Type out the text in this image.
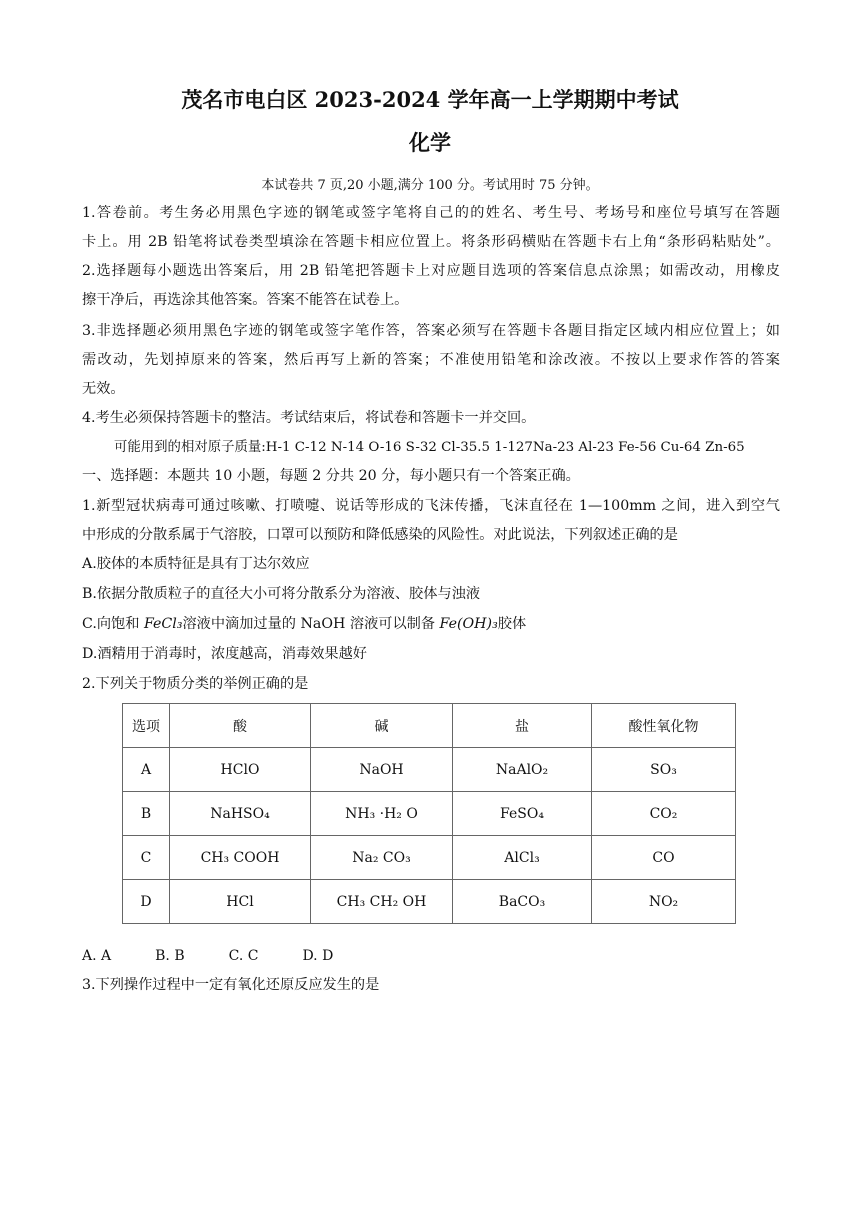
茂名市电白区 2023-2024 学年高一上学期期中考试
化学
本试卷共 7 页,20 小题,满分 100 分。考试用时 75 分钟。
1.答卷前。考生务必用黑色字迹的钢笔或签字笔将自己的的姓名、考生号、考场号和座位号填写在答题
卡上。用 2B 铅笔将试卷类型填涂在答题卡相应位置上。将条形码横贴在答题卡右上角“条形码粘贴处”。
2.选择题每小题选出答案后，用 2B 铅笔把答题卡上对应题目选项的答案信息点涂黑；如需改动，用橡皮
擦干净后，再选涂其他答案。答案不能答在试卷上。
3.非选择题必须用黑色字迹的钢笔或签字笔作答，答案必须写在答题卡各题目指定区域内相应位置上；如
需改动，先划掉原来的答案，然后再写上新的答案；不准使用铅笔和涂改液。不按以上要求作答的答案
无效。
4.考生必须保持答题卡的整洁。考试结束后，将试卷和答题卡一并交回。
可能用到的相对原子质量:H-1 C-12 N-14 O-16 S-32 Cl-35.5 1-127Na-23 Al-23 Fe-56 Cu-64 Zn-65
一、选择题：本题共 10 小题，每题 2 分共 20 分，每小题只有一个答案正确。
1.新型冠状病毒可通过咳嗽、打喷嚏、说话等形成的飞沫传播，飞沫直径在 1—100mm 之间，进入到空气
中形成的分散系属于气溶胶，口罩可以预防和降低感染的风险性。对此说法，下列叙述正确的是
A.胶体的本质特征是具有丁达尔效应
B.依据分散质粒子的直径大小可将分散系分为溶液、胶体与浊液
C.向饱和 FeCl₃溶液中滴加过量的 NaOH 溶液可以制备 Fe(OH)₃胶体
D.酒精用于消毒时，浓度越高，消毒效果越好
2.下列关于物质分类的举例正确的是
选项	酸	碱	盐	酸性氧化物
A	HClO	NaOH	NaAlO₂	SO₃
B	NaHSO₄	NH₃ ·H₂ O	FeSO₄	CO₂
C	CH₃ COOH	Na₂ CO₃	AlCl₃	CO
D	HCl	CH₃ CH₂ OH	BaCO₃	NO₂
A. A	B. B	C. C	D. D
3.下列操作过程中一定有氧化还原反应发生的是
